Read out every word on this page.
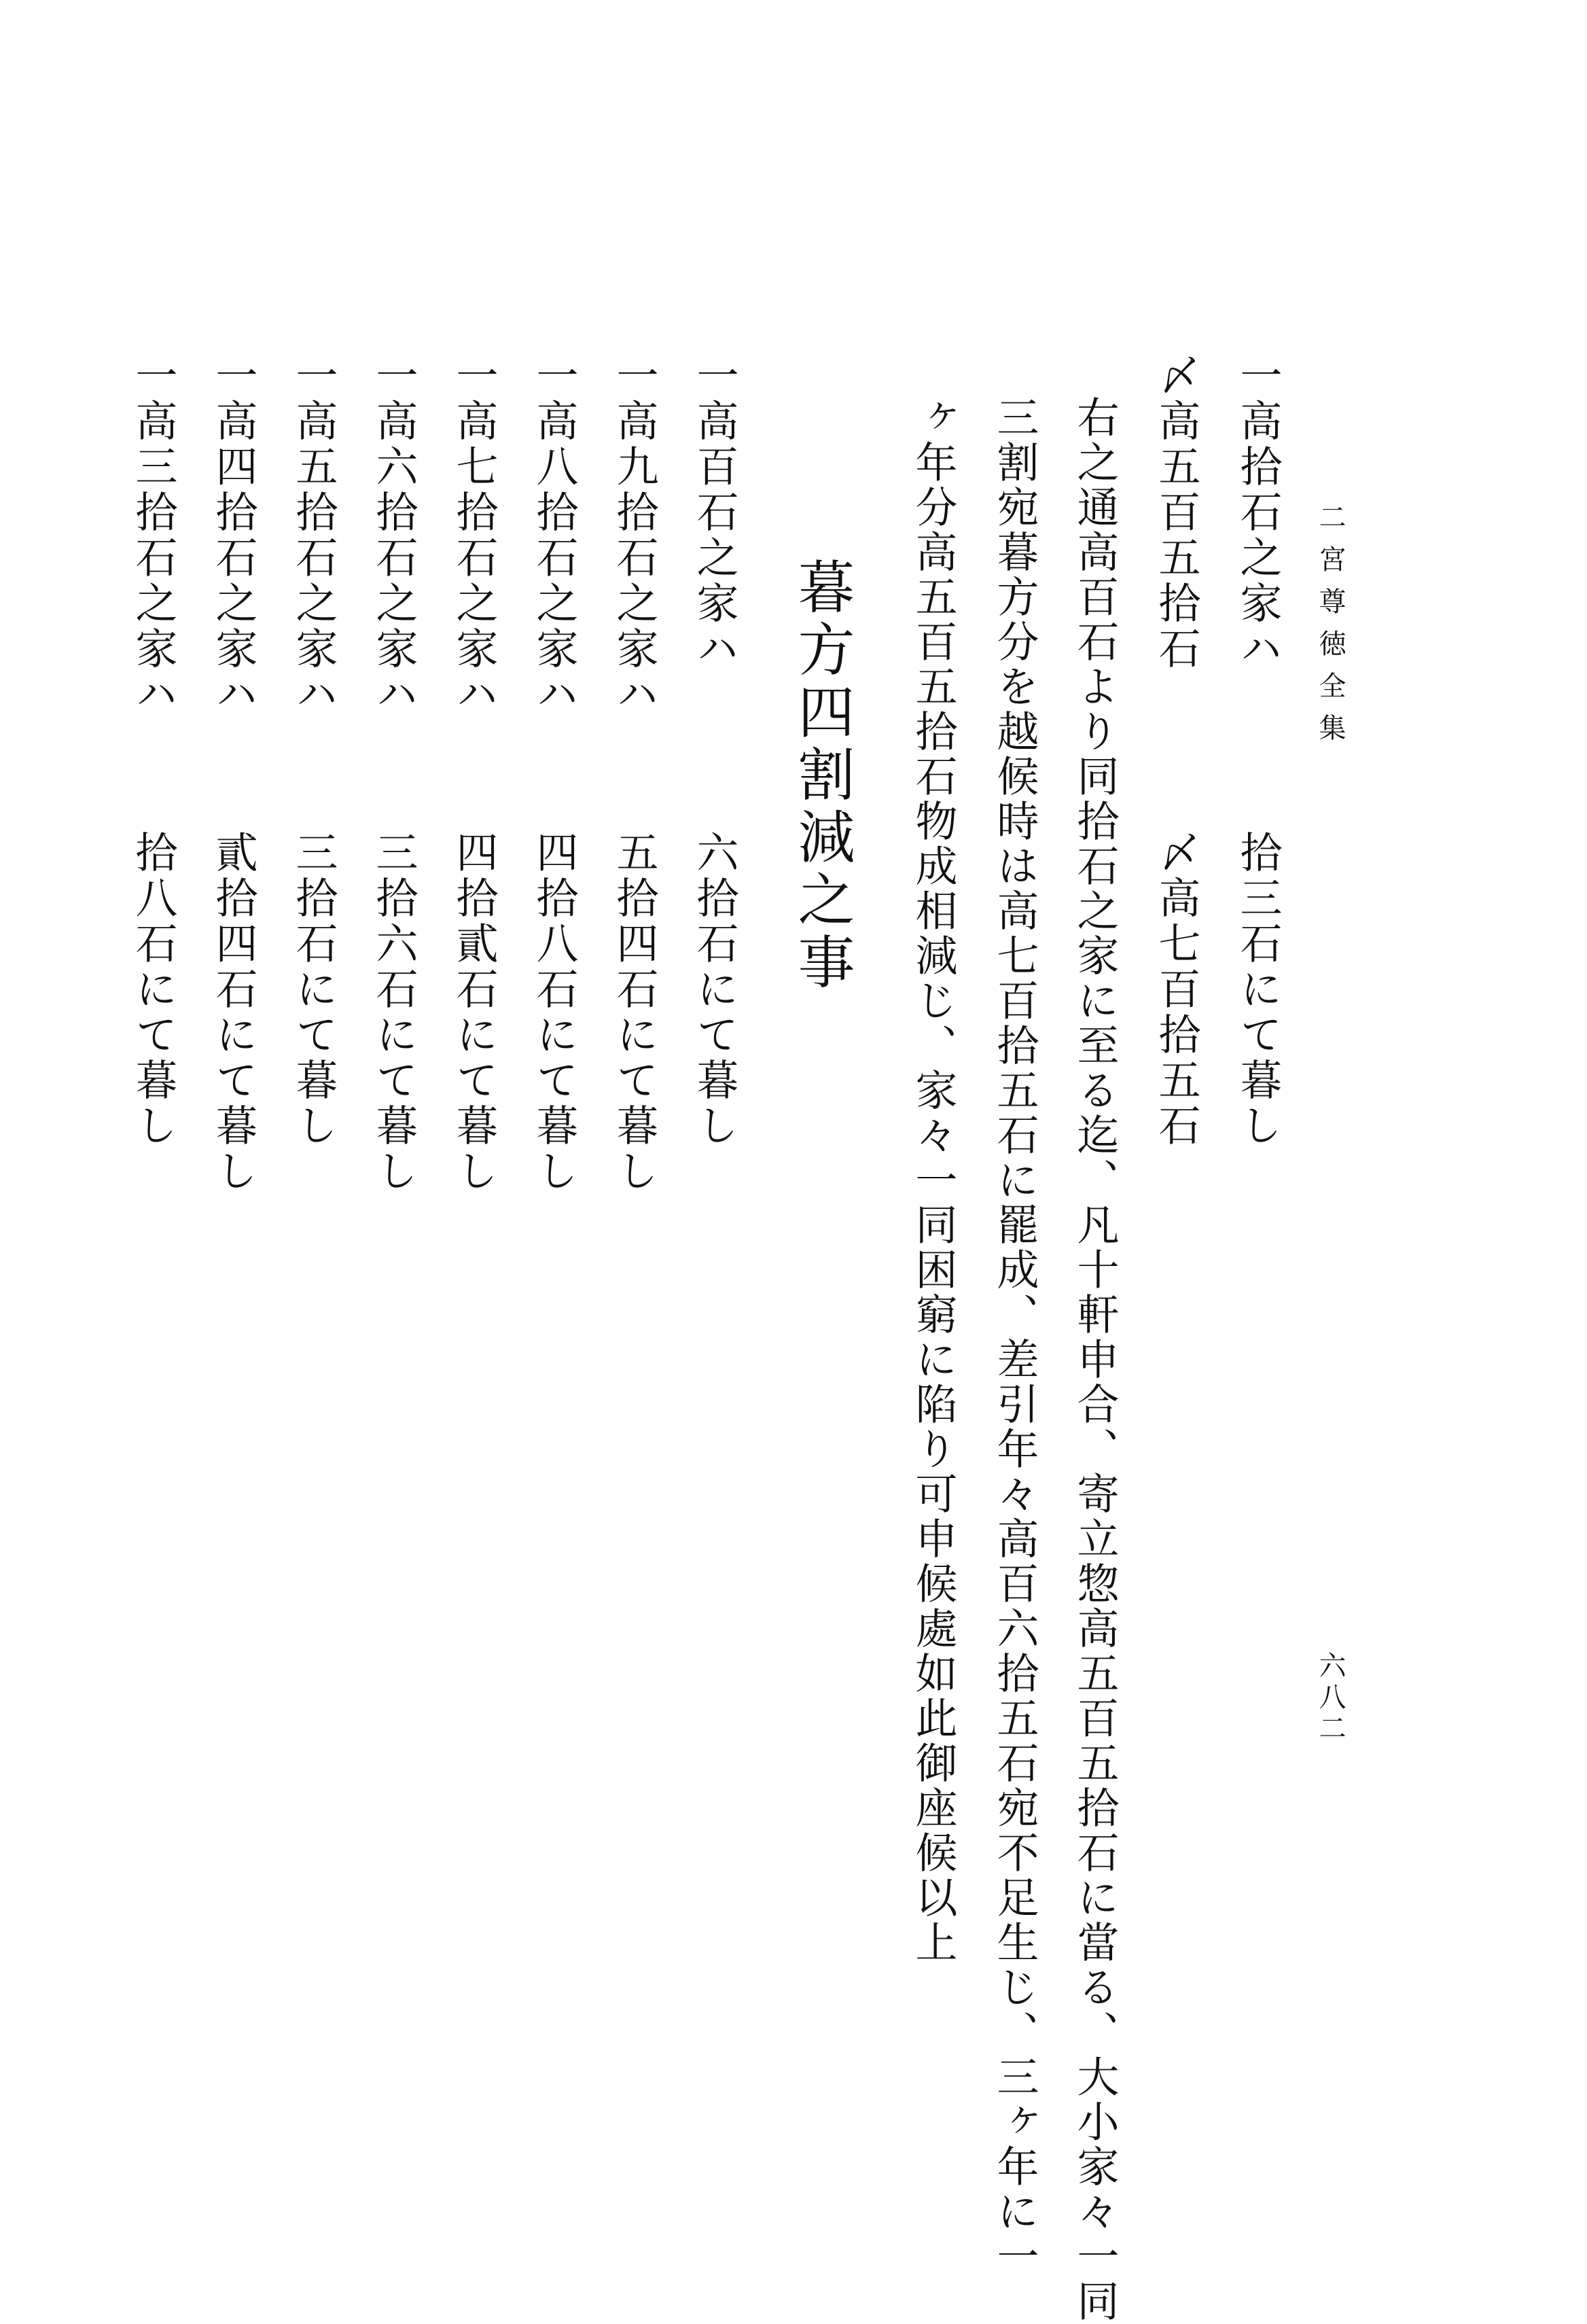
二宮尊徳全集
六八二
一高拾石之家ハ
拾三石にて暮し
〆高五百五拾石
〆高七百拾五石
右之通高百石より同拾石之家に至る迄、凡十軒申合、寄立惣高五百五拾石に當る、大小家々一同
三割宛暮方分を越候時は高七百拾五石に罷成、差引年々高百六拾五石宛不足生じ、三ヶ年に一
ヶ年分高五百五拾石物成相減じ、家々一同困窮に陷り可申候處如此御座候以上
暮方四割減之事
一高百石之家ハ
六拾石にて暮し
一高九拾石之家ハ
五拾四石にて暮し
一高八拾石之家ハ
四拾八石にて暮し
一高七拾石之家ハ
四拾貳石にて暮し
一高六拾石之家ハ
三拾六石にて暮し
一高五拾石之家ハ
三拾石にて暮し
一高四拾石之家ハ
貳拾四石にて暮し
一高三拾石之家ハ
拾八石にて暮し
